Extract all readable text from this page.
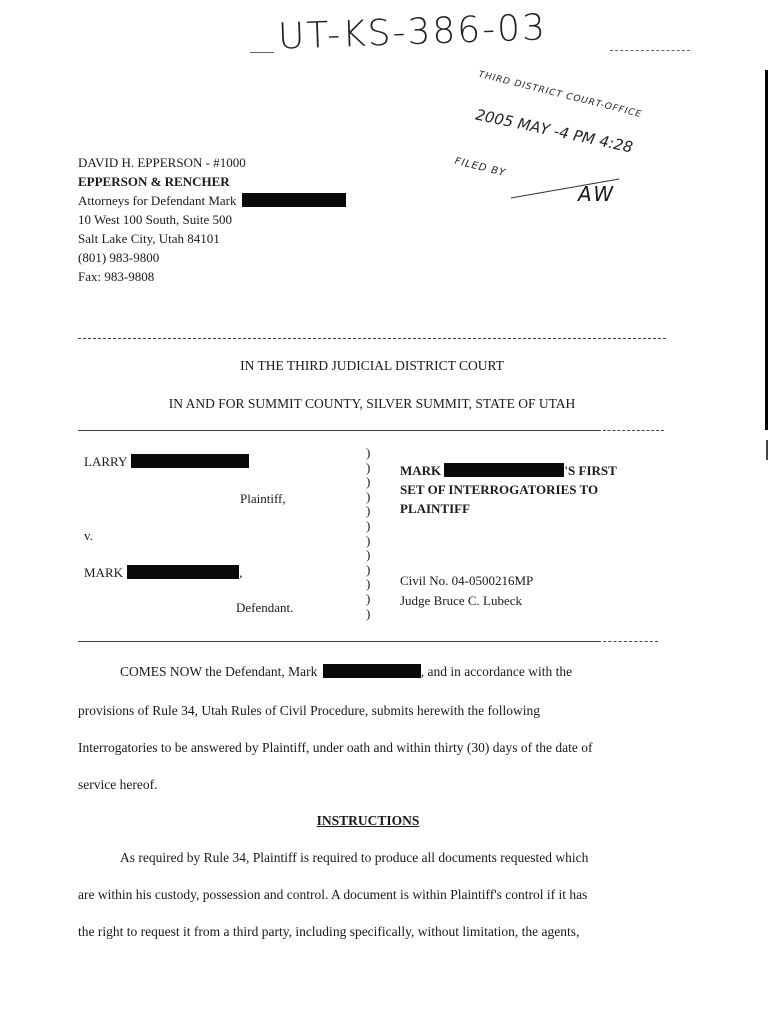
UT-KS-386-03
THIRD DISTRICT COURT-OFFICE
2005 MAY -4 PM 4:28
FILED BY
AW
DAVID H. EPPERSON - #1000
EPPERSON & RENCHER
Attorneys for Defendant Mark
10 West 100 South, Suite 500
Salt Lake City, Utah 84101
(801) 983-9800
Fax: 983-9808
IN THE THIRD JUDICIAL DISTRICT COURT
IN AND FOR SUMMIT COUNTY, SILVER SUMMIT, STATE OF UTAH
LARRY
Plaintiff,
v.
MARK	,
Defendant.
)
)
)
)
)
)
)
)
)
)
)
)
MARK	'S FIRST
SET OF INTERROGATORIES TO
PLAINTIFF
Civil No. 04-0500216MP
Judge Bruce C. Lubeck
COMES NOW the Defendant, Mark	, and in accordance with the
provisions of Rule 34, Utah Rules of Civil Procedure, submits herewith the following
Interrogatories to be answered by Plaintiff, under oath and within thirty (30) days of the date of
service hereof.
INSTRUCTIONS
As required by Rule 34, Plaintiff is required to produce all documents requested which
are within his custody, possession and control. A document is within Plaintiff's control if it has
the right to request it from a third party, including specifically, without limitation, the agents,
